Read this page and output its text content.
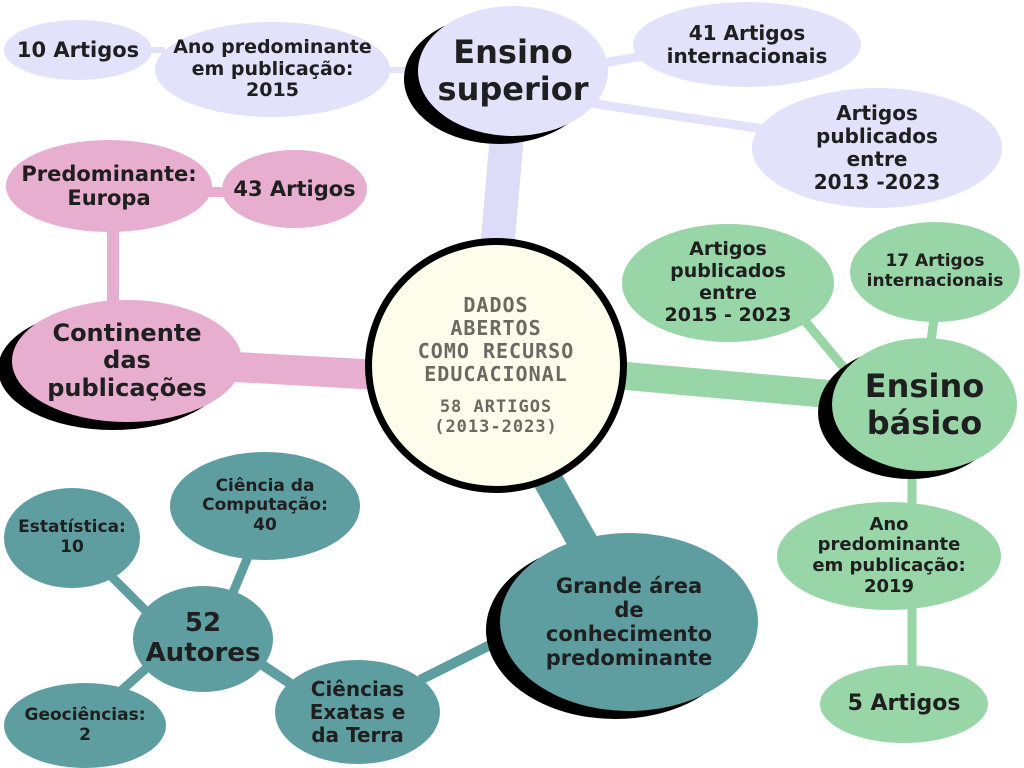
DADOS
ABERTOS
COMO RECURSO
EDUCACIONAL
58 ARTIGOS
(2013-2023)
Ensino
superior
41 Artigos
internacionais
Artigos
publicados
entre
2013 -2023
Ano predominante
em publicação:
2015
10 Artigos
Continente
das
publicações
Predominante:
Europa	43 Artigos
Ensino
básico
Artigos
publicados
entre
2015 - 2023
17 Artigos
internacionais
Ano
predominante
em publicação:
2019
5 Artigos
Grande área
de
conhecimento
predominante
Ciências
Exatas e
da Terra
52
Autores
Ciência da
Computação:
40
Estatística:
10
Geociências:
2
